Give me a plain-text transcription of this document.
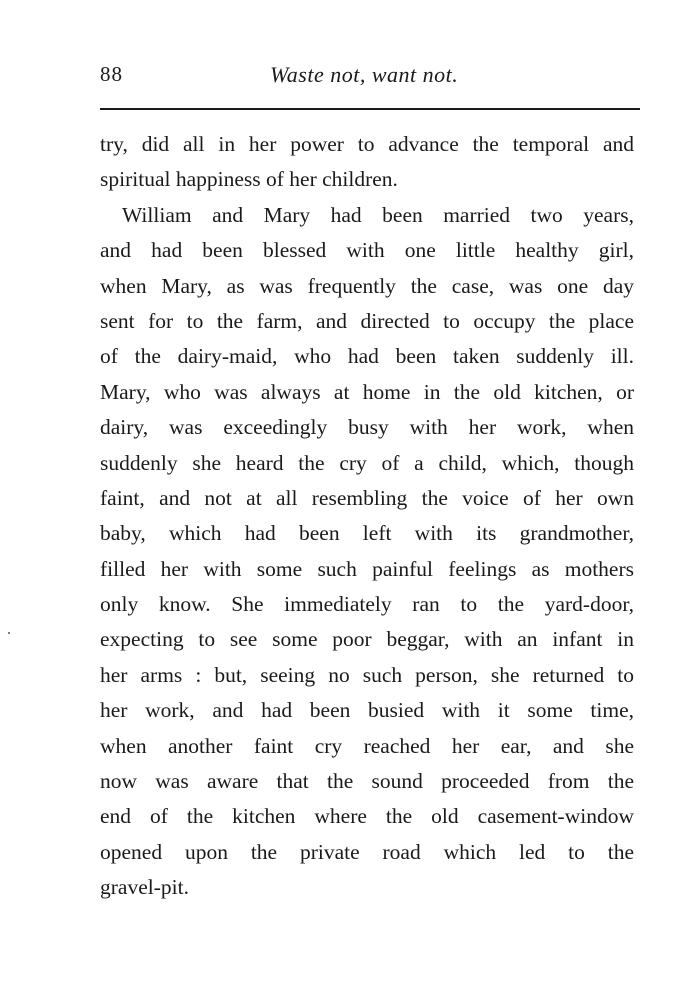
88	Waste not, want not.
try, did all in her power to advance the temporal and
spiritual happiness of her children.
William and Mary had been married two years,
and had been blessed with one little healthy girl,
when Mary, as was frequently the case, was one day
sent for to the farm, and directed to occupy the place
of the dairy-maid, who had been taken suddenly ill.
Mary, who was always at home in the old kitchen, or
dairy, was exceedingly busy with her work, when
suddenly she heard the cry of a child, which, though
faint, and not at all resembling the voice of her own
baby, which had been left with its grandmother,
filled her with some such painful feelings as mothers
only know. She immediately ran to the yard-door,
expecting to see some poor beggar, with an infant in
her arms : but, seeing no such person, she returned to
her work, and had been busied with it some time,
when another faint cry reached her ear, and she
now was aware that the sound proceeded from the
end of the kitchen where the old casement-window
opened upon the private road which led to the
gravel-pit.
